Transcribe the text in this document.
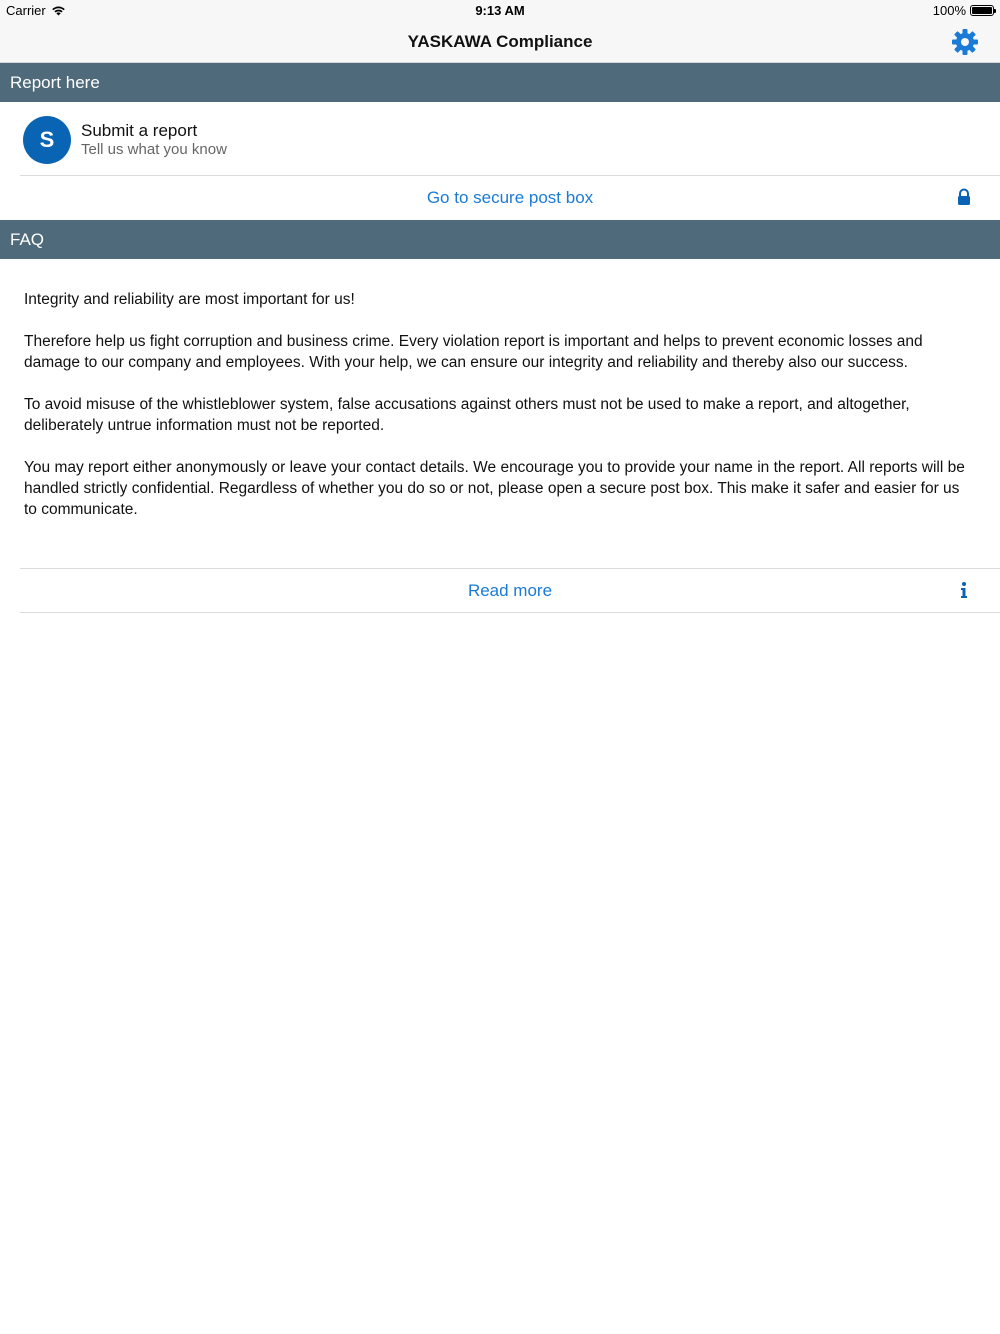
Carrier	9:13 AM	100%
YASKAWA Compliance
Report here
S	Submit a report
Tell us what you know
Go to secure post box
FAQ

Integrity and reliability are most important for us!

Therefore help us fight corruption and business crime. Every violation report is important and helps to prevent economic losses and damage to our company and employees. With your help, we can ensure our integrity and reliability and thereby also our success.

To avoid misuse of the whistleblower system, false accusations against others must not be used to make a report, and altogether, deliberately untrue information must not be reported.

You may report either anonymously or leave your contact details. We encourage you to provide your name in the report. All reports will be handled strictly confidential. Regardless of whether you do so or not, please open a secure post box. This make it safer and easier for us to communicate.

Read more
